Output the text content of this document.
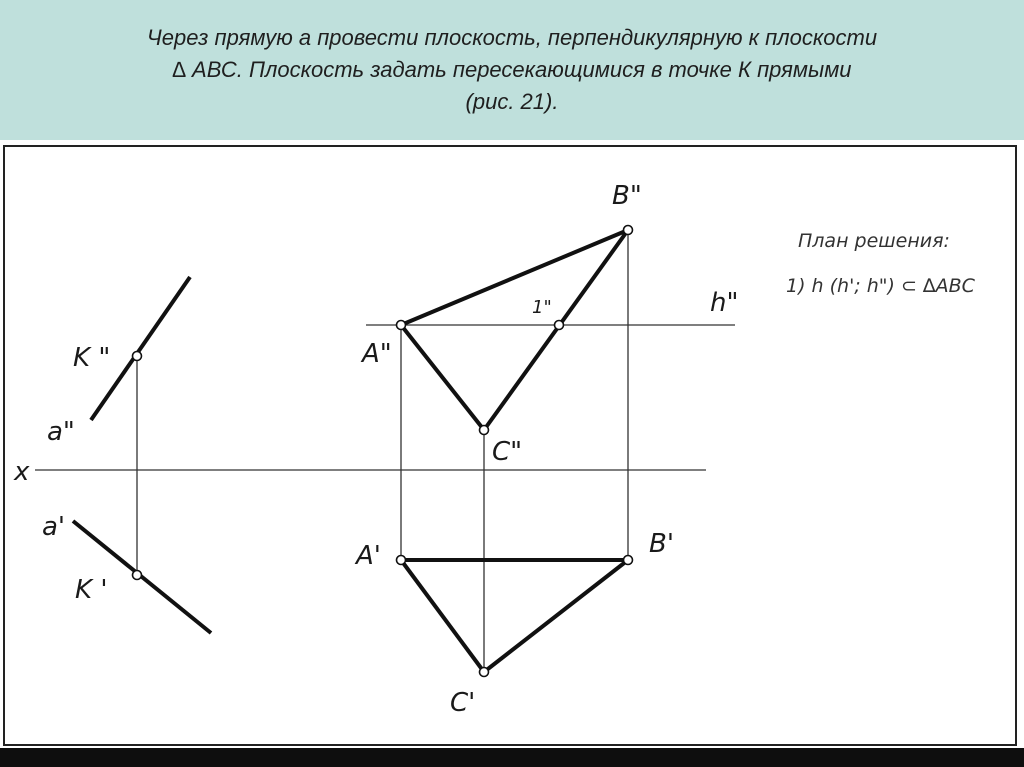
Через прямую а провести плоскость, перпендикулярную к плоскости
∆ АВС. Плоскость задать пересекающимися в точке К прямыми
(рис. 21).
B"
A"
C"
h"
K "
a"
x
a'
K '
A'	B'
C'
1"
План решения:
1) h (h'; h") ⊂ ∆ABC
